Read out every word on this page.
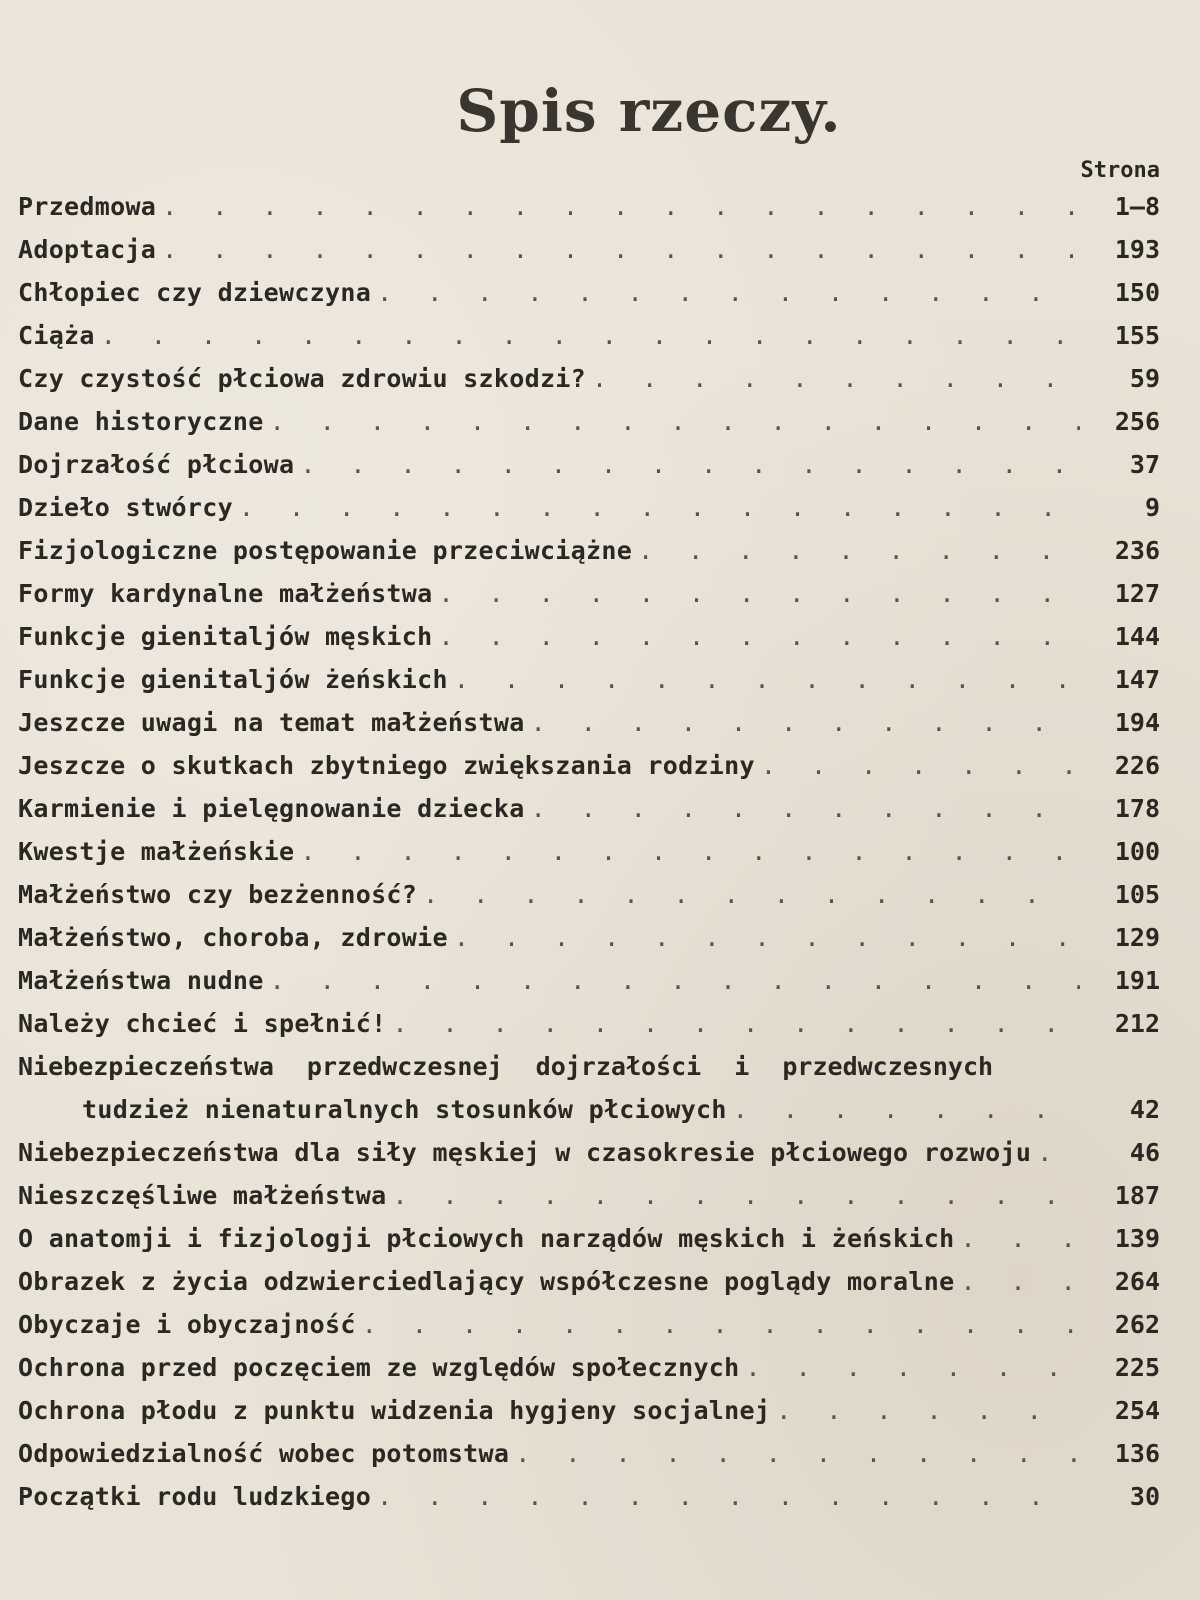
Spis rzeczy.
Strona
Przedmowa . . .	1—8
Adoptacja . . .	193
Chłopiec czy dziewczyna . . .	150
Ciąża . . .	155
Czy czystość płciowa zdrowiu szkodzi? . . .	59
Dane historyczne . . .	256
Dojrzałość płciowa . . .	37
Dzieło stwórcy . . .	9
Fizjologiczne postępowanie przeciwciążne . . .	236
Formy kardynalne małżeństwa . . .	127
Funkcje gienitaljów męskich . . .	144
Funkcje gienitaljów żeńskich . . .	147
Jeszcze uwagi na temat małżeństwa . . .	194
Jeszcze o skutkach zbytniego zwiększania rodziny . . .	226
Karmienie i pielęgnowanie dziecka . . .	178
Kwestje małżeńskie . . .	100
Małżeństwo czy bezżenność? . . .	105
Małżeństwo, choroba, zdrowie . . .	129
Małżeństwa nudne . . .	191
Należy chcieć i spełnić! . . .	212
Niebezpieczeństwa przedwczesnej dojrzałości i przedwczesnych
tudzież nienaturalnych stosunków płciowych . . .	42
Niebezpieczeństwa dla siły męskiej w czasokresie płciowego rozwoju . . .	46
Nieszczęśliwe małżeństwa . . .	187
O anatomji i fizjologji płciowych narządów męskich i żeńskich . . .	139
Obrazek z życia odzwierciedlający współczesne poglądy moralne . . .	264
Obyczaje i obyczajność . . .	262
Ochrona przed poczęciem ze względów społecznych . . .	225
Ochrona płodu z punktu widzenia hygjeny socjalnej . . .	254
Odpowiedzialność wobec potomstwa . . .	136
Początki rodu ludzkiego . . .	30
